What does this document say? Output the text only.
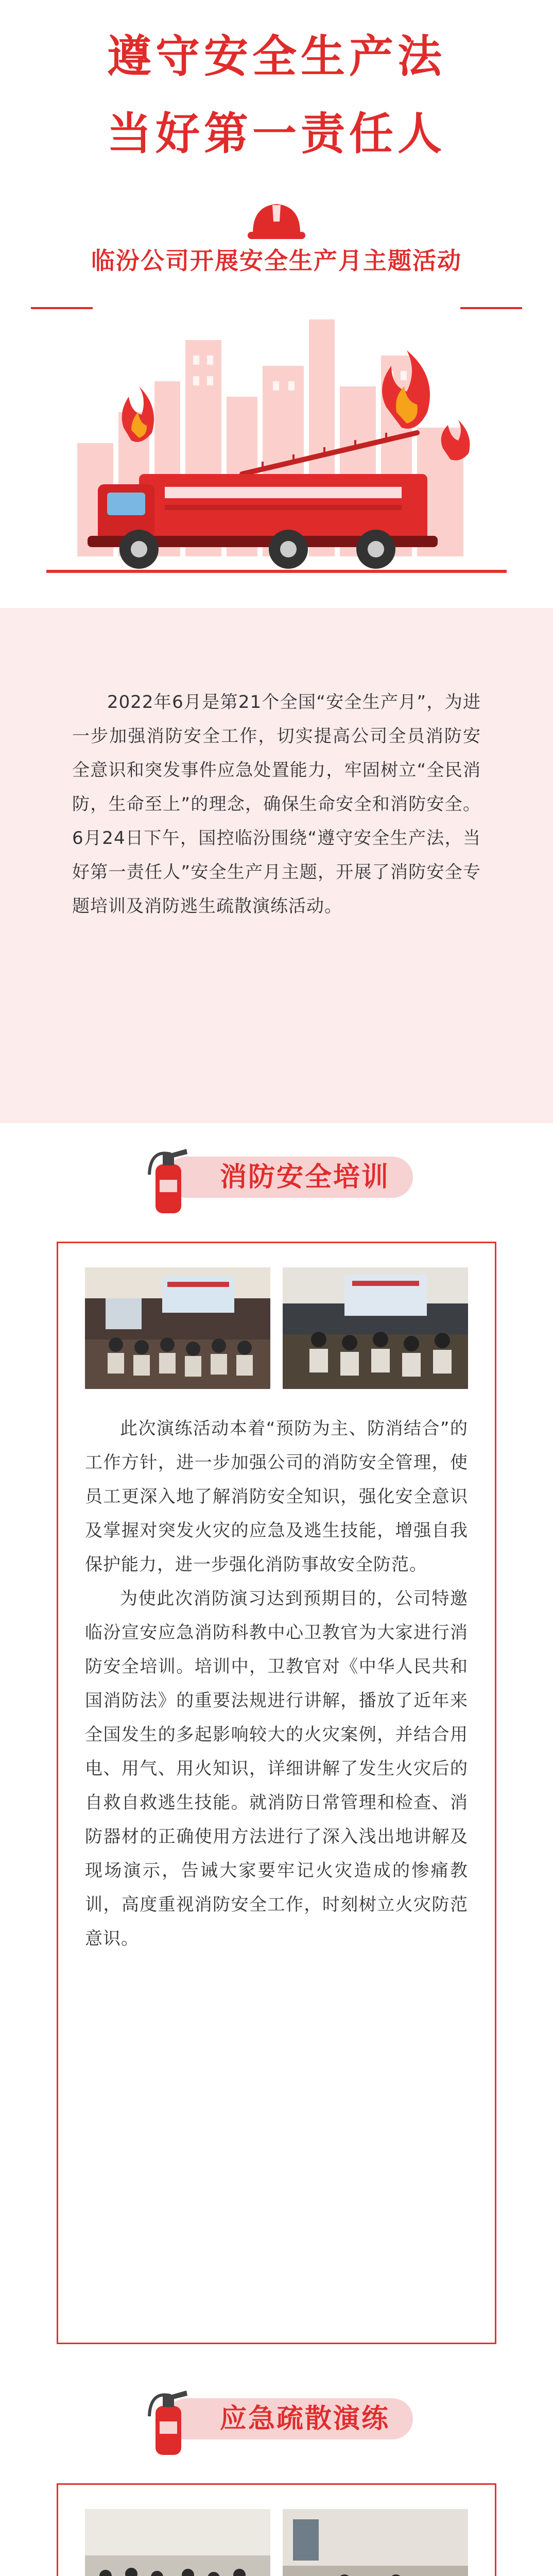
遵守安全生产法
当好第一责任人
临汾公司开展安全生产月主题活动
2022年6月是第21个全国“安全生产月”，为进一步加强消防安全工作，切实提高公司全员消防安全意识和突发事件应急处置能力，牢固树立“全民消防，生命至上”的理念，确保生命安全和消防安全。6月24日下午，国控临汾围绕“遵守安全生产法，当好第一责任人”安全生产月主题，开展了消防安全专题培训及消防逃生疏散演练活动。
消防安全培训

此次演练活动本着“预防为主、防消结合”的工作方针，进一步加强公司的消防安全管理，使员工更深入地了解消防安全知识，强化安全意识及掌握对突发火灾的应急及逃生技能，增强自我保护能力，进一步强化消防事故安全防范。

为使此次消防演习达到预期目的，公司特邀临汾宣安应急消防科教中心卫教官为大家进行消防安全培训。培训中，卫教官对《中华人民共和国消防法》的重要法规进行讲解，播放了近年来全国发生的多起影响较大的火灾案例，并结合用电、用气、用火知识，详细讲解了发生火灾后的自救自救逃生技能。就消防日常管理和检查、消防器材的正确使用方法进行了深入浅出地讲解及现场演示，告诫大家要牢记火灾造成的惨痛教训，高度重视消防安全工作，时刻树立火灾防范意识。

应急疏散演练
